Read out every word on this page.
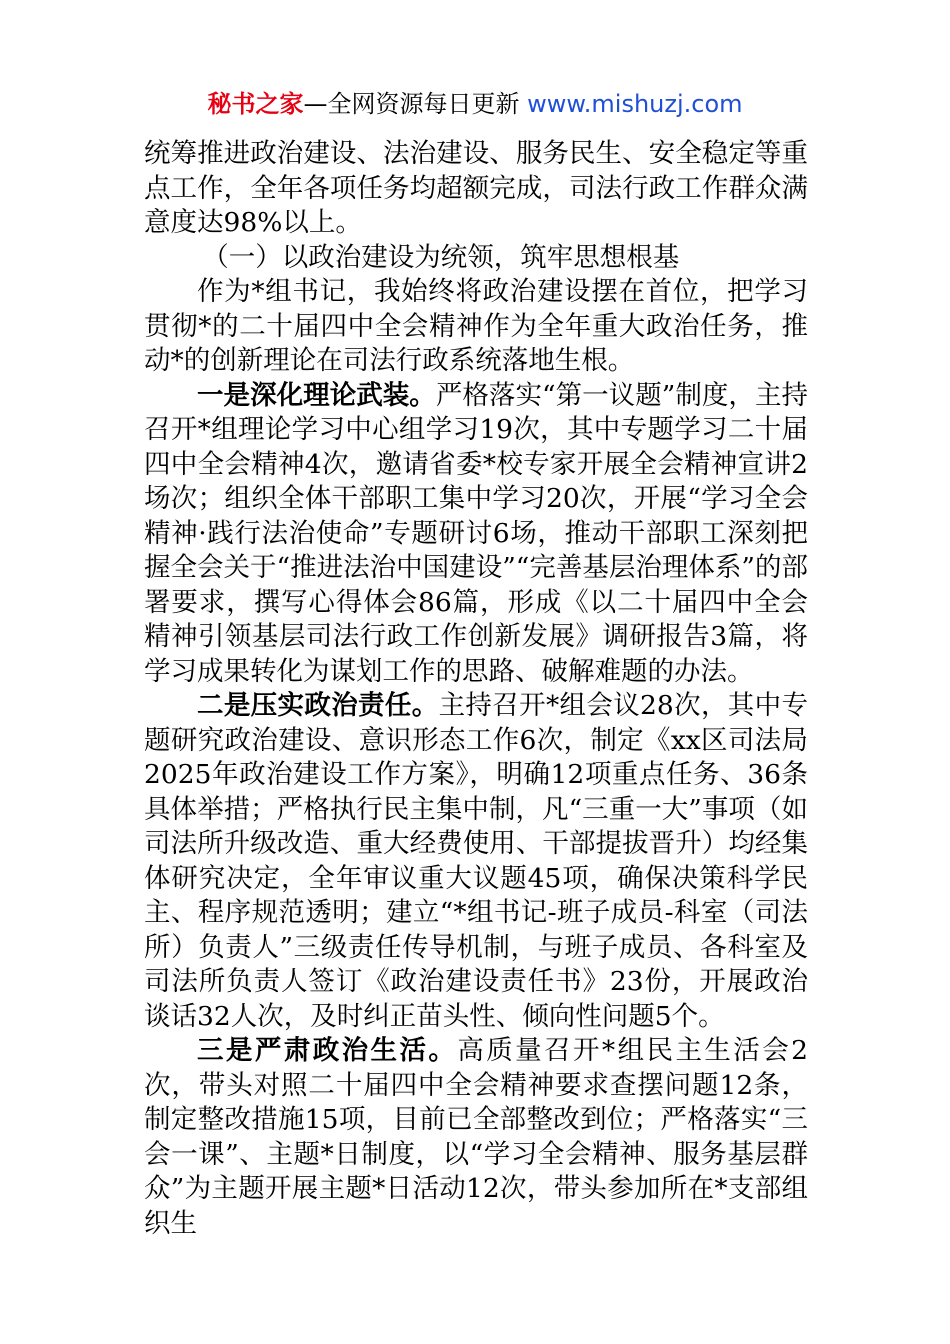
秘书之家—全网资源每日更新 www.mishuzj.com

统筹推进政治建设、法治建设、服务民生、安全稳定等重点工作，全年各项任务均超额完成，司法行政工作群众满意度达98%以上。

（一）以政治建设为统领，筑牢思想根基

作为*组书记，我始终将政治建设摆在首位，把学习贯彻*的二十届四中全会精神作为全年重大政治任务，推动*的创新理论在司法行政系统落地生根。

一是深化理论武装。严格落实“第一议题”制度，主持召开*组理论学习中心组学习19次，其中专题学习二十届四中全会精神4次，邀请省委*校专家开展全会精神宣讲2场次；组织全体干部职工集中学习20次，开展“学习全会精神·践行法治使命”专题研讨6场，推动干部职工深刻把握全会关于“推进法治中国建设”“完善基层治理体系”的部署要求，撰写心得体会86篇，形成《以二十届四中全会精神引领基层司法行政工作创新发展》调研报告3篇，将学习成果转化为谋划工作的思路、破解难题的办法。

二是压实政治责任。主持召开*组会议28次，其中专题研究政治建设、意识形态工作6次，制定《xx区司法局2025年政治建设工作方案》，明确12项重点任务、36条具体举措；严格执行民主集中制，凡“三重一大”事项（如司法所升级改造、重大经费使用、干部提拔晋升）均经集体研究决定，全年审议重大议题45项，确保决策科学民主、程序规范透明；建立“*组书记-班子成员-科室（司法所）负责人”三级责任传导机制，与班子成员、各科室及司法所负责人签订《政治建设责任书》23份，开展政治谈话32人次，及时纠正苗头性、倾向性问题5个。

三是严肃政治生活。高质量召开*组民主生活会2次，带头对照二十届四中全会精神要求查摆问题12条，制定整改措施15项，目前已全部整改到位；严格落实“三会一课”、主题*日制度，以“学习全会精神、服务基层群众”为主题开展主题*日活动12次，带头参加所在*支部组织生
